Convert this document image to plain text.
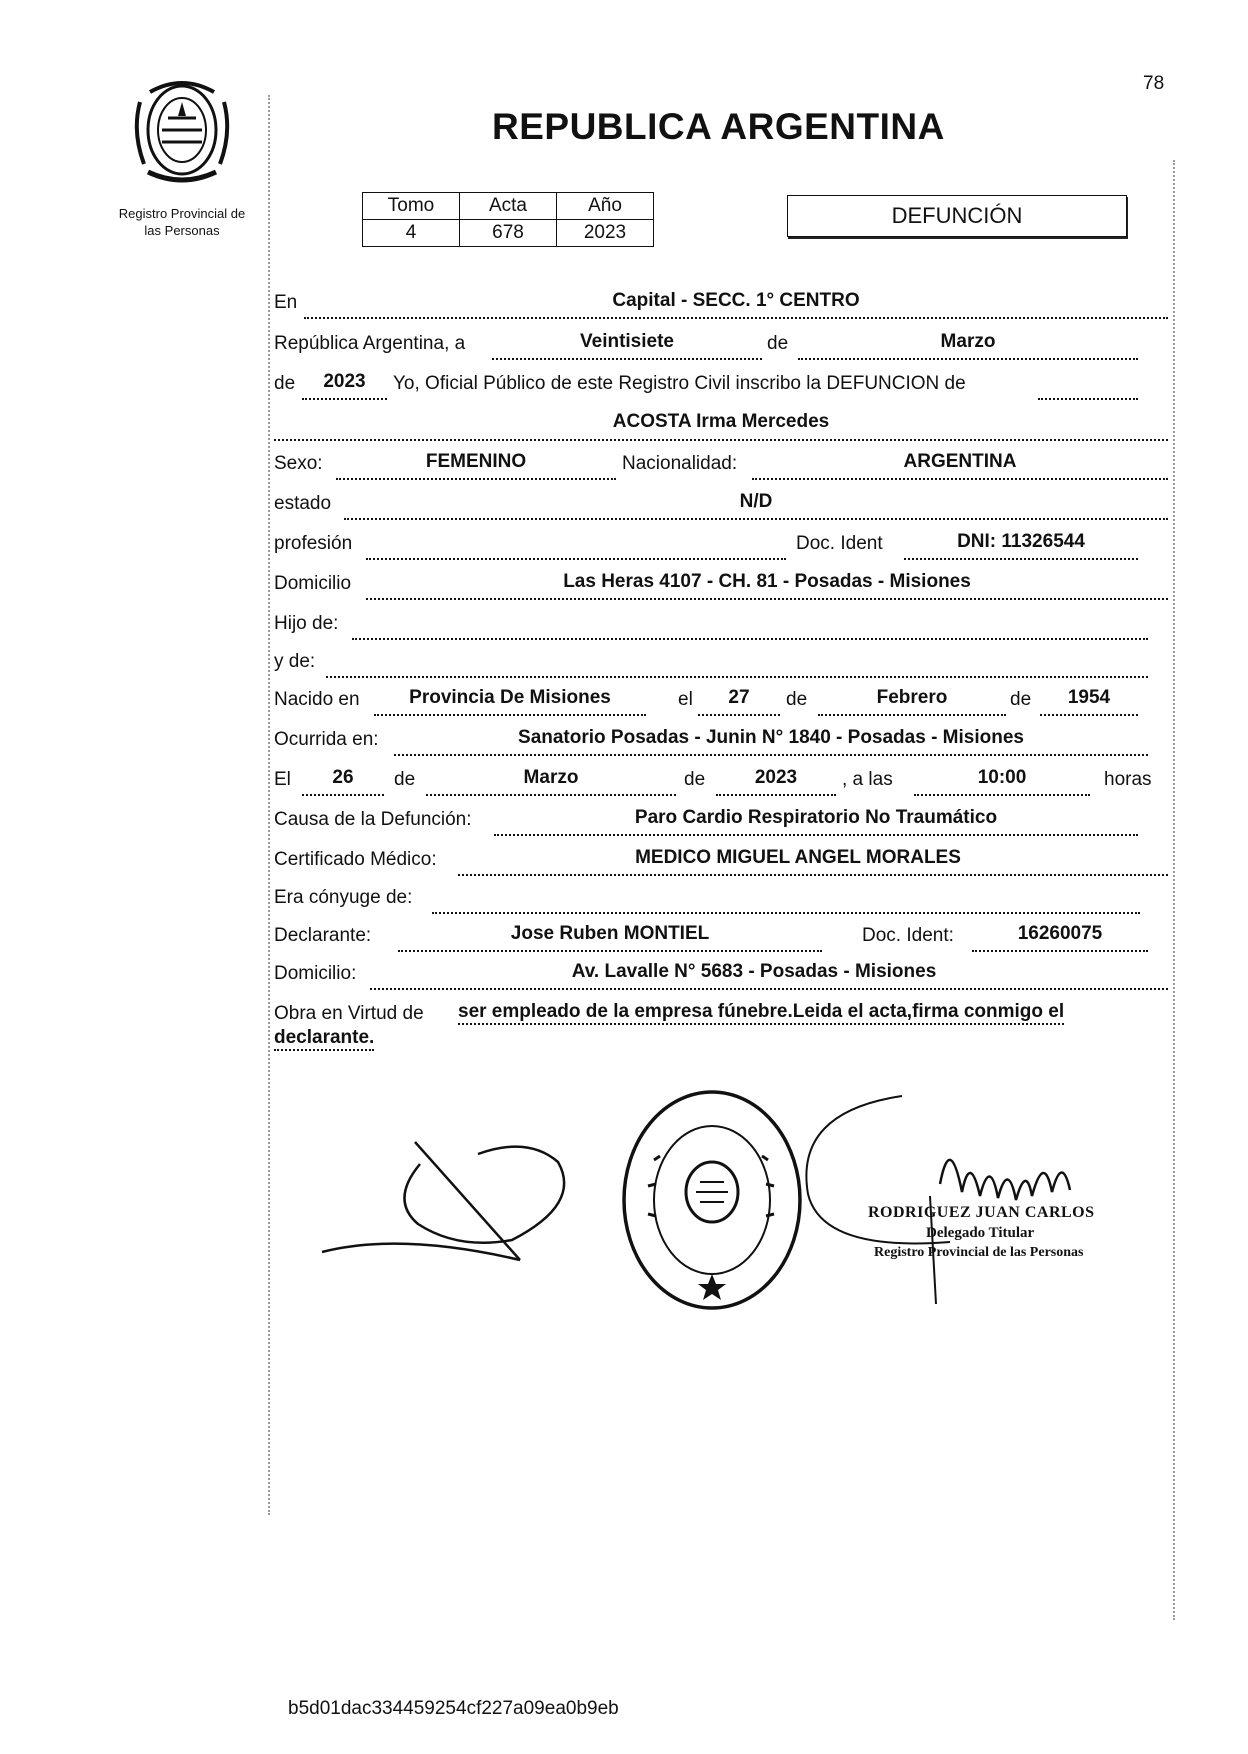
78
Registro Provincial de
las Personas
REPUBLICA ARGENTINA
Tomo	Acta	Año
4	678	2023
DEFUNCIÓN
En	Capital - SECC. 1° CENTRO
República Argentina, a	Veintisiete	de	Marzo
de	2023	Yo, Oficial Público de este Registro Civil inscribo la DEFUNCION de
ACOSTA Irma Mercedes
Sexo:	FEMENINO	Nacionalidad:	ARGENTINA
estado	N/D
profesión	Doc. Ident	DNI: 11326544
Domicilio	Las Heras 4107 - CH. 81 - Posadas - Misiones
Hijo de:
y de:
Nacido en	Provincia De Misiones	el	27	de	Febrero	de	1954
Ocurrida en:	Sanatorio Posadas - Junin N° 1840 - Posadas - Misiones
El	26	de	Marzo	de	2023	, a las	10:00	horas
Causa de la Defunción:	Paro Cardio Respiratorio No Traumático
Certificado Médico:	MEDICO MIGUEL ANGEL MORALES
Era cónyuge de:
Declarante:	Jose Ruben MONTIEL	Doc. Ident:	16260075
Domicilio:	Av. Lavalle N° 5683 - Posadas - Misiones
Obra en Virtud de ser empleado de la empresa fúnebre.Leida el acta,firma conmigo el
declarante.
RODRIGUEZ JUAN CARLOS
Delegado Titular
Registro Provincial de las Personas
b5d01dac334459254cf227a09ea0b9eb
